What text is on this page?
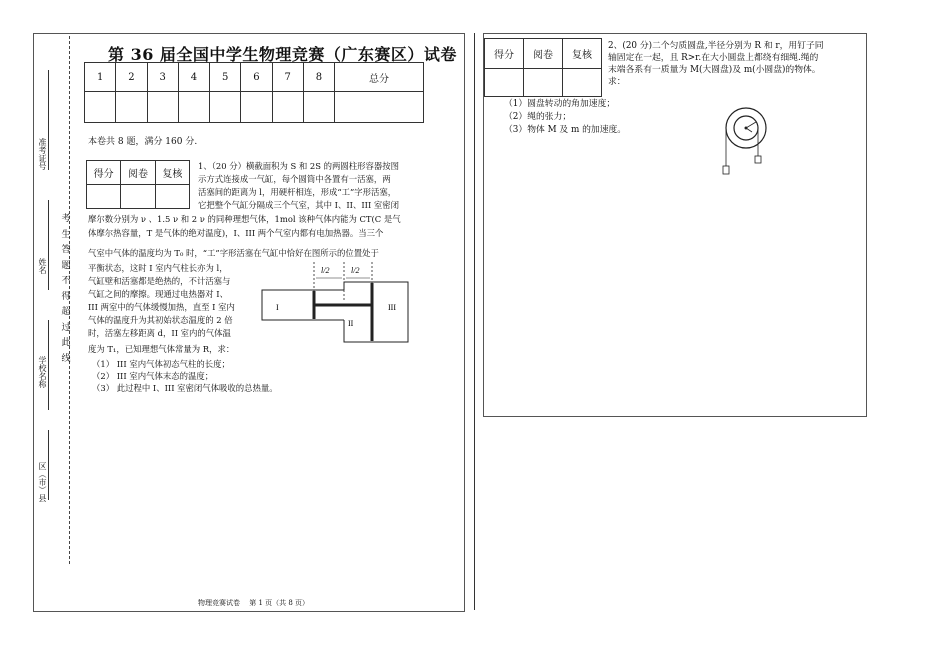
准考证号
姓名
学校名称
区（市）县
考
生
答
题
不
得
超
过
此
线
第 36 届全国中学生物理竞赛（广东赛区）试卷
1	2	3	4	5	6	7	8	总分

本卷共 8 题，满分 160 分.
得分	阅卷	复核

1、（20 分）横截面积为 S 和 2S 的两圆柱形容器按图
示方式连接成一气缸，每个圆筒中各置有一活塞，两
活塞间的距离为 l，用硬杆相连，形成“工”字形活塞，
它把整个气缸分隔成三个气室，其中 I、II、III 室密闭
摩尔数分别为 ν 、1.5 ν 和 2 ν 的同种理想气体，1mol 该种气体内能为 CT(C 是气
体摩尔热容量，T 是气体的绝对温度)，I、III 两个气室内都有电加热器。当三个
气室中气体的温度均为 T₀ 时，“工”字形活塞在气缸中恰好在图所示的位置处于
平衡状态，这时 I 室内气柱长亦为 l，
气缸壁和活塞都是绝热的，不计活塞与
气缸之间的摩擦。现通过电热器对 I、
III 两室中的气体缓慢加热，直至 I 室内
气体的温度升为其初始状态温度的 2 倍
时，活塞左移距离 d，II 室内的气体温
度为 T₁，已知理想气体常量为 R，求：
（1） III 室内气体初态气柱的长度；
（2） III 室内气体末态的温度；
（3） 此过程中 I、III 室密闭气体吸收的总热量。
l/2	l/2
I
II
III
物理竞赛试卷　 第 1 页（共 8 页）
得分	阅卷	复核

2、(20 分)二个匀质圆盘,半径分别为 R 和 r，用钉子同
轴固定在一起，且 R>r.在大小圆盘上都绕有细绳.绳的
末端各系有一质量为 M(大圆盘)及 m(小圆盘)的物体。
求：
（1）圆盘转动的角加速度；
（2）绳的张力；
（3）物体 M 及 m 的加速度。
